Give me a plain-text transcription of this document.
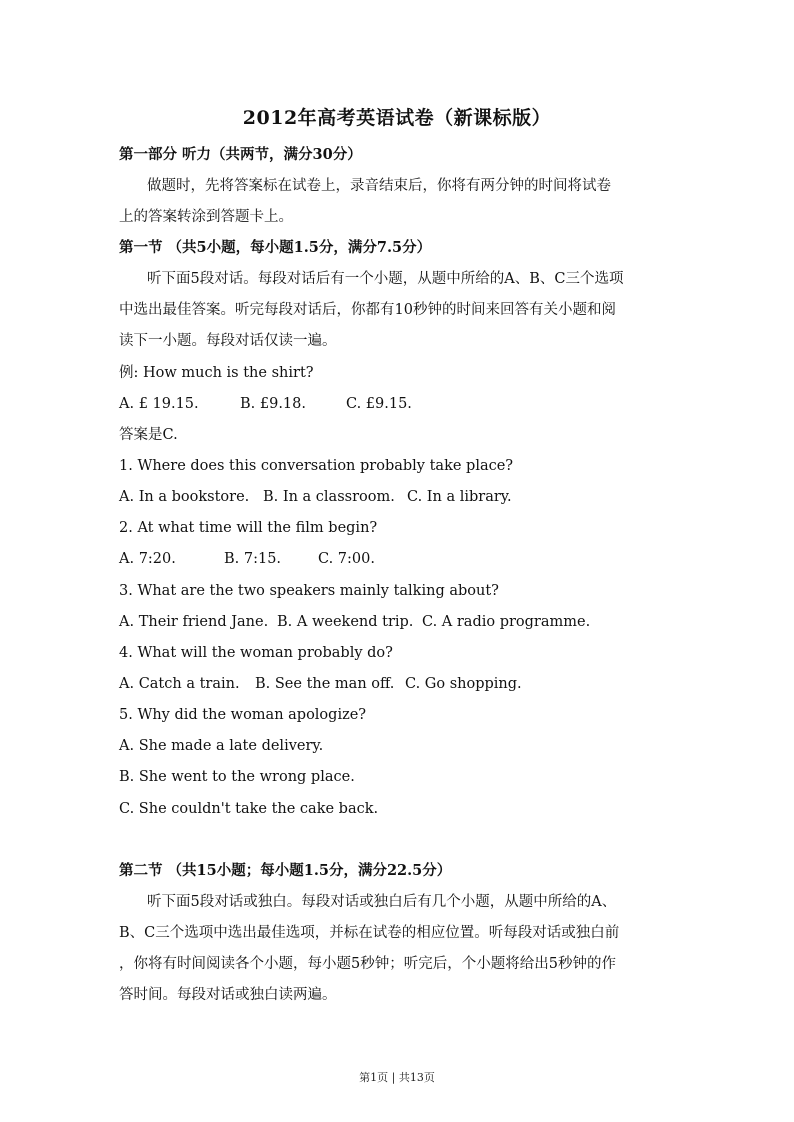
2012年高考英语试卷（新课标版）
第一部分 听力（共两节，满分30分）
做题时，先将答案标在试卷上，录音结束后，你将有两分钟的时间将试卷
上的答案转涂到答题卡上。
第一节 （共5小题，每小题1.5分，满分7.5分）
听下面5段对话。每段对话后有一个小题，从题中所给的A、B、C三个选项
中选出最佳答案。听完每段对话后，你都有10秒钟的时间来回答有关小题和阅
读下一小题。每段对话仅读一遍。
例: How much is the shirt?
A. £ 19.15.	B. £9.18.	C. £9.15.
答案是C.
1. Where does this conversation probably take place?
A. In a bookstore. B. In a classroom. C. In a library.
2. At what time will the film begin?
A. 7:20.	B. 7:15.	C. 7:00.
3. What are the two speakers mainly talking about?
A. Their friend Jane. B. A weekend trip. C. A radio programme.
4. What will the woman probably do?
A. Catch a train. B. See the man off. C. Go shopping.
5. Why did the woman apologize?
A. She made a late delivery.
B. She went to the wrong place.
C. She couldn't take the cake back.
第二节 （共15小题；每小题1.5分，满分22.5分）
听下面5段对话或独白。每段对话或独白后有几个小题，从题中所给的A、
B、C三个选项中选出最佳选项，并标在试卷的相应位置。听每段对话或独白前
，你将有时间阅读各个小题，每小题5秒钟；听完后，个小题将给出5秒钟的作
答时间。每段对话或独白读两遍。
第1页 | 共13页
